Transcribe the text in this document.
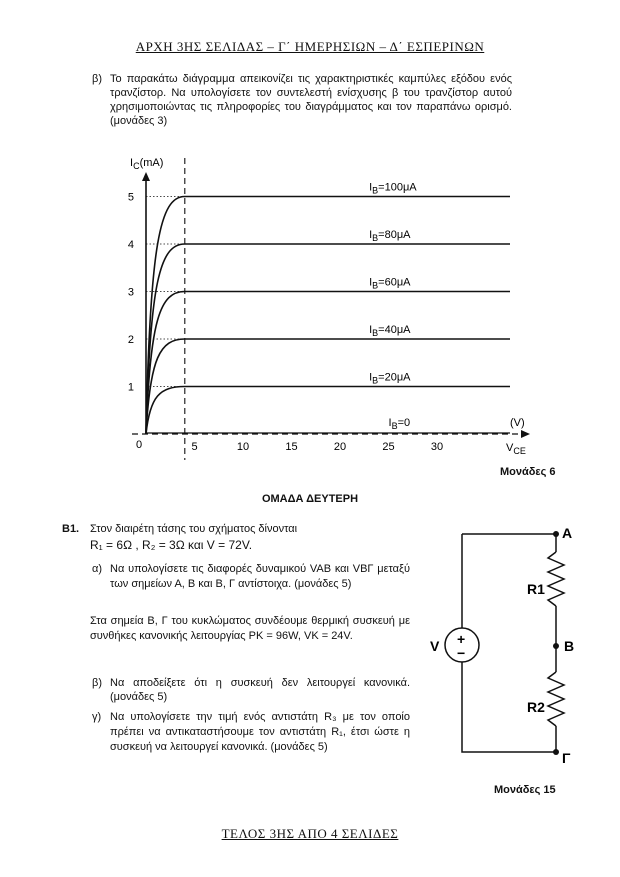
ΑΡΧΗ 3ΗΣ ΣΕΛΙΔΑΣ – Γ΄ ΗΜΕΡΗΣΙΩΝ – Δ΄ ΕΣΠΕΡΙΝΩΝ
β) Το παρακάτω διάγραμμα απεικονίζει τις χαρακτηριστικές καμπύλες εξόδου ενός τρανζίστορ. Να υπολογίσετε τον συντελεστή ενίσχυσης β του τρανζίστορ αυτού χρησιμοποιώντας τις πληροφορίες του διαγράμματος και τον παραπάνω ορισμό. (μονάδες 3)
$I_C(mA)$
$V_{CE}$
(V)
0	5	10	15	20	25	30
1
2
3
4
5
$I_B=0$
$I_B=20\mu A$
$I_B=40\mu A$
$I_B=60\mu A$
$I_B=80\mu A$
$I_B=100\mu A$
Μονάδες 6
ΟΜΑΔΑ ΔΕΥΤΕΡΗ
Β1. Στον διαιρέτη τάσης του σχήματος δίνονται
R₁ = 6Ω , R₂ = 3Ω και V = 72V.
α) Να υπολογίσετε τις διαφορές δυναμικού VAB και VΒΓ μεταξύ των σημείων Α, Β και Β, Γ αντίστοιχα. (μονάδες 5)
Στα σημεία Β, Γ του κυκλώματος συνδέουμε θερμική συσκευή με συνθήκες κανονικής λειτουργίας PK = 96W, VK = 24V.
β) Να αποδείξετε ότι η συσκευή δεν λειτουργεί κανονικά. (μονάδες 5)
γ) Να υπολογίσετε την τιμή ενός αντιστάτη R₃ με τον οποίο πρέπει να αντικαταστήσουμε τον αντιστάτη R₁, έτσι ώστε η συσκευή να λειτουργεί κανονικά. (μονάδες 5)
Α
Β
Γ
R1
R2
V +
−
Μονάδες 15
ΤΕΛΟΣ 3ΗΣ ΑΠΟ 4 ΣΕΛΙΔΕΣ
